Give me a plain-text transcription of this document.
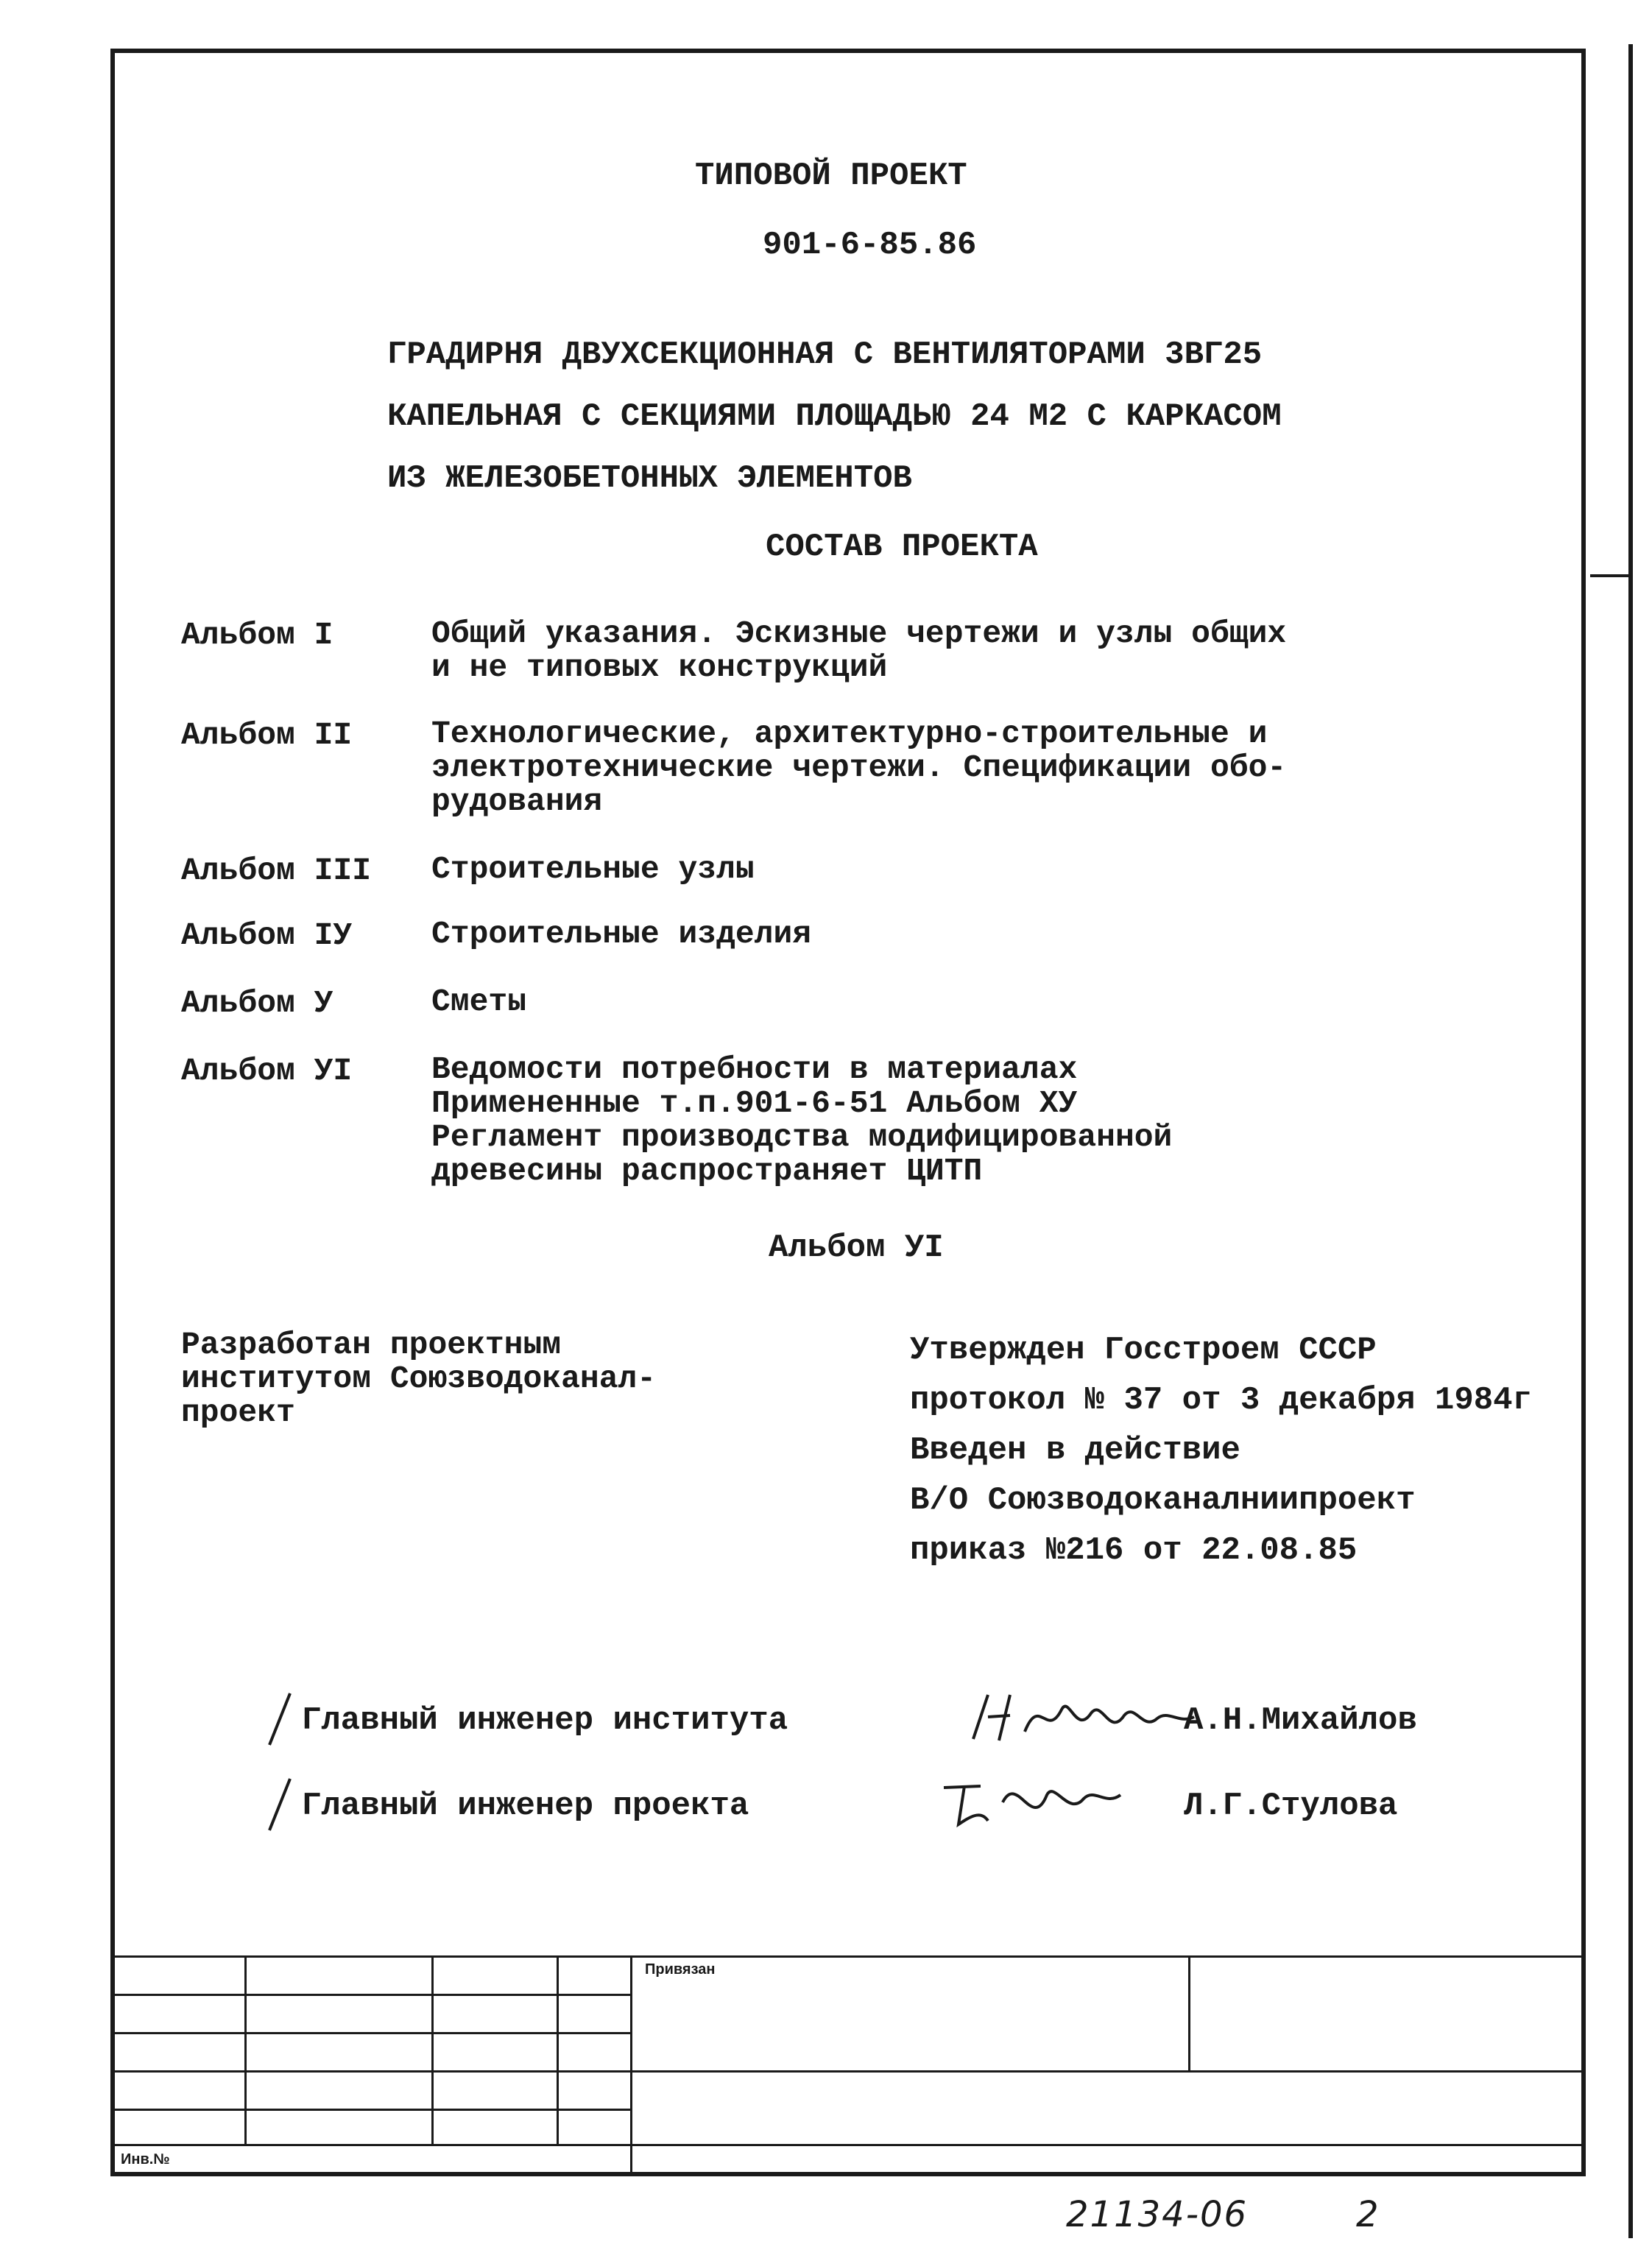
ТИПОВОЙ ПРОЕКТ
901-6-85.86
ГРАДИРНЯ ДВУХСЕКЦИОННАЯ С ВЕНТИЛЯТОРАМИ 3ВГ25
КАПЕЛЬНАЯ С СЕКЦИЯМИ ПЛОЩАДЬЮ 24 М2 С КАРКАСОМ
ИЗ ЖЕЛЕЗОБЕТОННЫХ ЭЛЕМЕНТОВ
СОСТАВ ПРОЕКТА
Альбом I	Общий указания. Эскизные чертежи и узлы общих
и не типовых конструкций
Альбом II	Технологические, архитектурно-строительные и
электротехнические чертежи. Спецификации обо-
рудования
Альбом III	Строительные узлы
Альбом IУ	Строительные изделия
Альбом У	Сметы
Альбом УI	Ведомости потребности в материалах
Примененные т.п.901-6-51 Альбом ХУ
Регламент производства модифицированной
древесины распространяет ЦИТП
Альбом УI
Разработан проектным
институтом Союзводоканал-
проект
Утвержден Госстроем СССР
протокол № 37 от 3 декабря 1984г
Введен в действие
В/О Союзводоканалниипроект
приказ №216 от 22.08.85
Главный инженер института	А.Н.Михайлов
Главный инженер проекта	Л.Г.Стулова
Привязан
Инв.№
21134-06	2
